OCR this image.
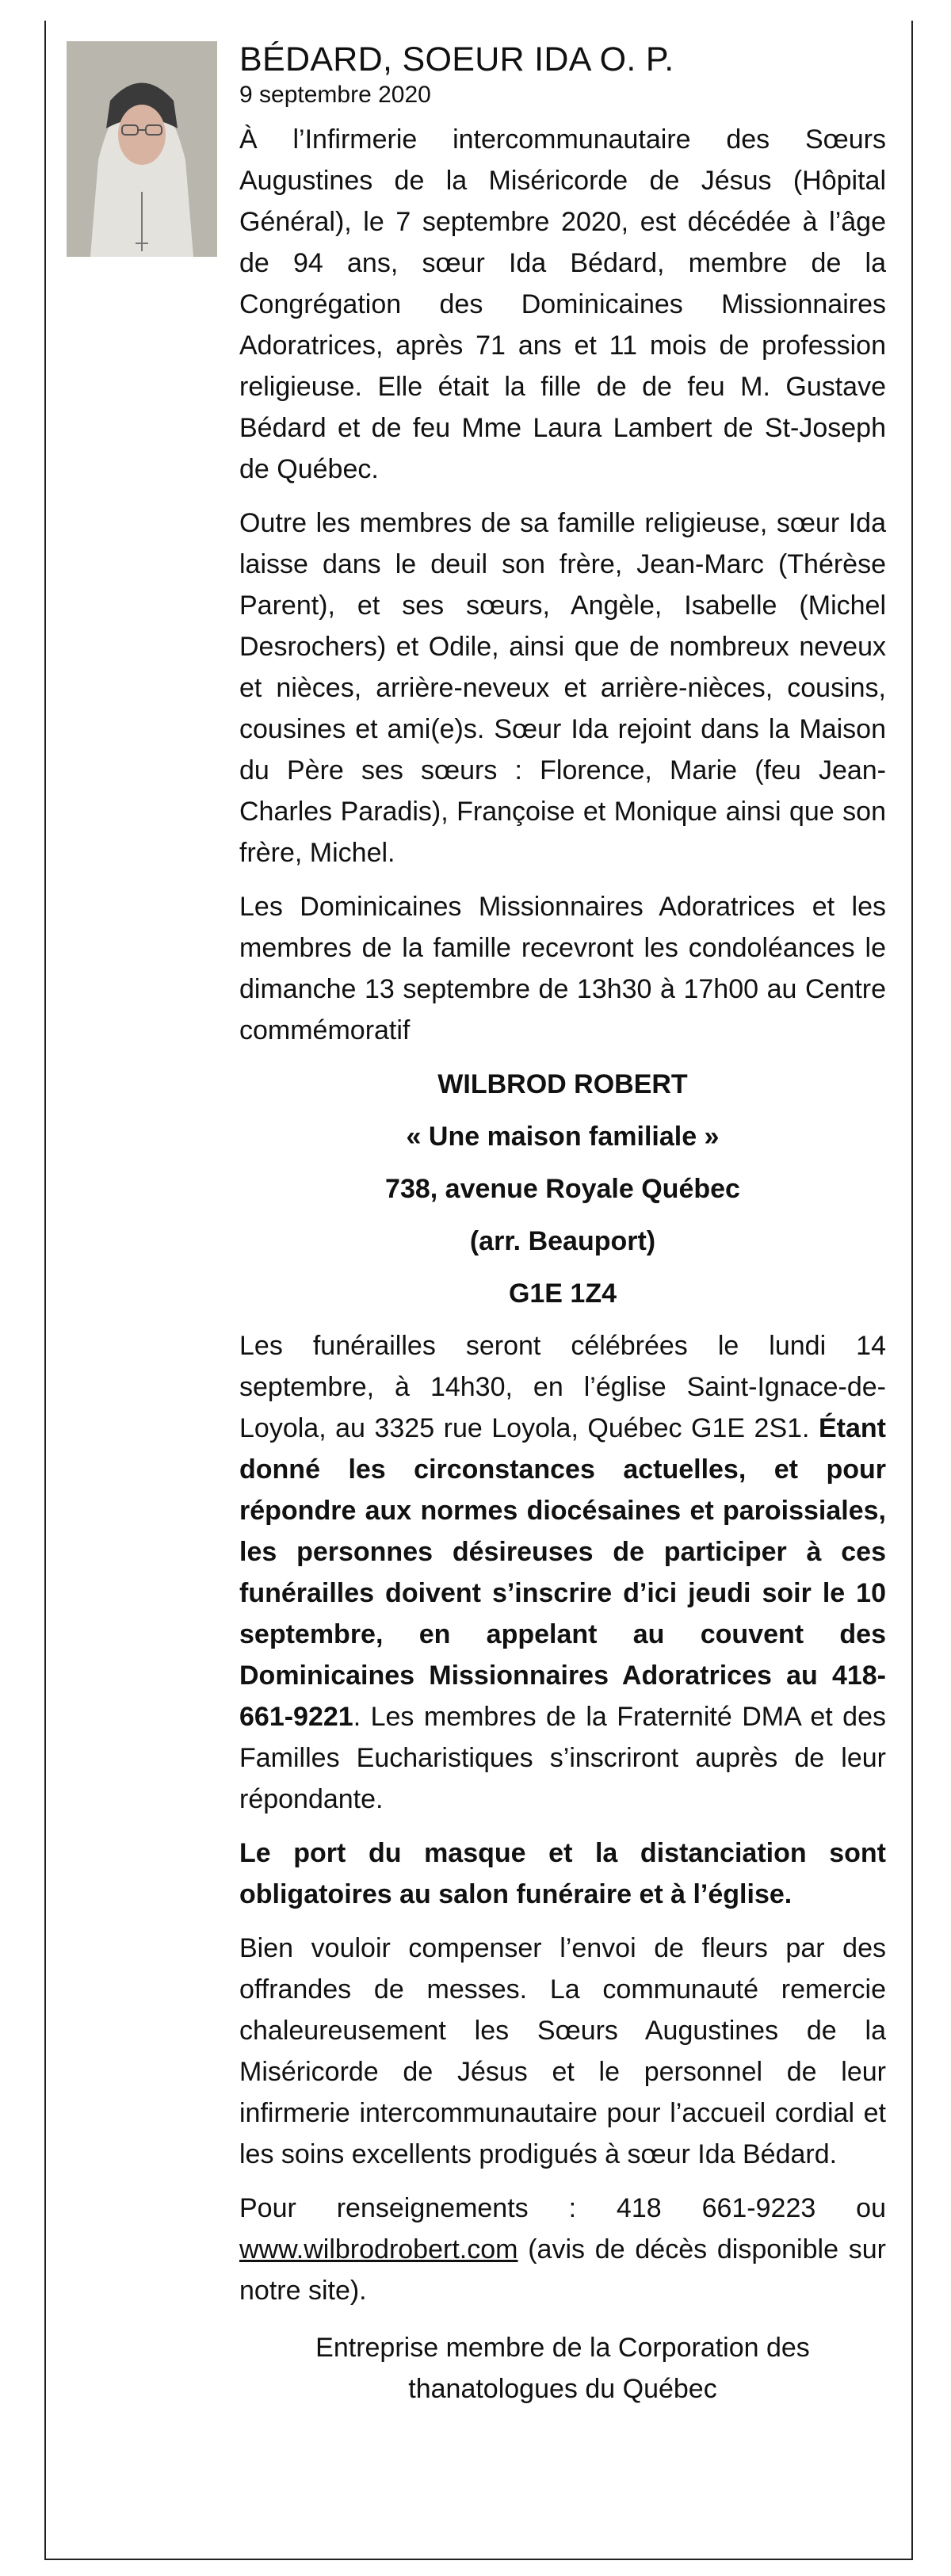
BÉDARD, SOEUR IDA O. P.
9 septembre 2020

À l’Infirmerie intercommunautaire des Sœurs Augustines de la Miséricorde de Jésus (Hôpital Général), le 7 septembre 2020, est décédée à l’âge de 94 ans, sœur Ida Bédard, membre de la Congrégation des Dominicaines Missionnaires Adoratrices, après 71 ans et 11 mois de profession religieuse. Elle était la fille de de feu M. Gustave Bédard et de feu Mme Laura Lambert de St-Joseph de Québec.

Outre les membres de sa famille religieuse, sœur Ida laisse dans le deuil son frère, Jean-Marc (Thérèse Parent), et ses sœurs, Angèle, Isabelle (Michel Desrochers) et Odile, ainsi que de nombreux neveux et nièces, arrière-neveux et arrière-nièces, cousins, cousines et ami(e)s. Sœur Ida rejoint dans la Maison du Père ses sœurs : Florence, Marie (feu Jean-Charles Paradis), Françoise et Monique ainsi que son frère, Michel.

Les Dominicaines Missionnaires Adoratrices et les membres de la famille recevront les condoléances le dimanche 13 septembre de 13h30 à 17h00 au Centre commémoratif

WILBROD ROBERT
« Une maison familiale »
738, avenue Royale Québec
(arr. Beauport)
G1E 1Z4

Les funérailles seront célébrées le lundi 14 septembre, à 14h30, en l’église Saint-Ignace-de-Loyola, au 3325 rue Loyola, Québec G1E 2S1. Étant donné les circonstances actuelles, et pour répondre aux normes diocésaines et paroissiales, les personnes désireuses de participer à ces funérailles doivent s’inscrire d’ici jeudi soir le 10 septembre, en appelant au couvent des Dominicaines Missionnaires Adoratrices au 418-661-9221. Les membres de la Fraternité DMA et des Familles Eucharistiques s’inscriront auprès de leur répondante.

Le port du masque et la distanciation sont obligatoires au salon funéraire et à l’église.

Bien vouloir compenser l’envoi de fleurs par des offrandes de messes. La communauté remercie chaleureusement les Sœurs Augustines de la Miséricorde de Jésus et le personnel de leur infirmerie intercommunautaire pour l’accueil cordial et les soins excellents prodigués à sœur Ida Bédard.

Pour renseignements : 418 661-9223 ou www.wilbrodrobert.com (avis de décès disponible sur notre site).

Entreprise membre de la Corporation des
thanatologues du Québec
